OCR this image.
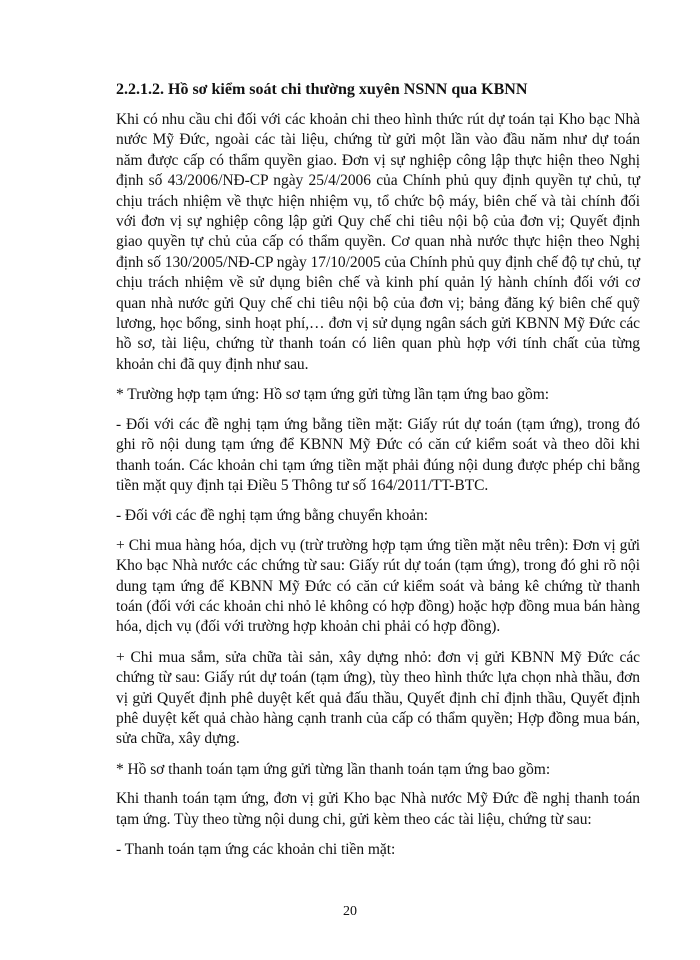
2.2.1.2. Hồ sơ kiểm soát chi thường xuyên NSNN qua KBNN
Khi có nhu cầu chi đối với các khoản chi theo hình thức rút dự toán tại Kho bạc Nhà nước Mỹ Đức, ngoài các tài liệu, chứng từ gửi một lần vào đầu năm như dự toán năm được cấp có thẩm quyền giao. Đơn vị sự nghiệp công lập thực hiện theo Nghị định số 43/2006/NĐ-CP ngày 25/4/2006 của Chính phủ quy định quyền tự chủ, tự chịu trách nhiệm về thực hiện nhiệm vụ, tổ chức bộ máy, biên chế và tài chính đối với đơn vị sự nghiệp công lập gửi Quy chế chi tiêu nội bộ của đơn vị; Quyết định giao quyền tự chủ của cấp có thẩm quyền. Cơ quan nhà nước thực hiện theo Nghị định số 130/2005/NĐ-CP ngày 17/10/2005 của Chính phủ quy định chế độ tự chủ, tự chịu trách nhiệm về sử dụng biên chế và kinh phí quản lý hành chính đối với cơ quan nhà nước gửi Quy chế chi tiêu nội bộ của đơn vị; bảng đăng ký biên chế quỹ lương, học bổng, sinh hoạt phí,… đơn vị sử dụng ngân sách gửi KBNN Mỹ Đức các hồ sơ, tài liệu, chứng từ thanh toán có liên quan phù hợp với tính chất của từng khoản chi đã quy định như sau.
* Trường hợp tạm ứng: Hồ sơ tạm ứng gửi từng lần tạm ứng bao gồm:
- Đối với các đề nghị tạm ứng bằng tiền mặt: Giấy rút dự toán (tạm ứng), trong đó ghi rõ nội dung tạm ứng để KBNN Mỹ Đức có căn cứ kiểm soát và theo dõi khi thanh toán. Các khoản chi tạm ứng tiền mặt phải đúng nội dung được phép chi bằng tiền mặt quy định tại Điều 5 Thông tư số 164/2011/TT-BTC.
- Đối với các đề nghị tạm ứng bằng chuyển khoản:
+ Chi mua hàng hóa, dịch vụ (trừ trường hợp tạm ứng tiền mặt nêu trên): Đơn vị gửi Kho bạc Nhà nước các chứng từ sau: Giấy rút dự toán (tạm ứng), trong đó ghi rõ nội dung tạm ứng để KBNN Mỹ Đức có căn cứ kiểm soát và bảng kê chứng từ thanh toán (đối với các khoản chi nhỏ lẻ không có hợp đồng) hoặc hợp đồng mua bán hàng hóa, dịch vụ (đối với trường hợp khoản chi phải có hợp đồng).
+ Chi mua sắm, sửa chữa tài sản, xây dựng nhỏ: đơn vị gửi KBNN Mỹ Đức các chứng từ sau: Giấy rút dự toán (tạm ứng), tùy theo hình thức lựa chọn nhà thầu, đơn vị gửi Quyết định phê duyệt kết quả đấu thầu, Quyết định chỉ định thầu, Quyết định phê duyệt kết quả chào hàng cạnh tranh của cấp có thẩm quyền; Hợp đồng mua bán, sửa chữa, xây dựng.
* Hồ sơ thanh toán tạm ứng gửi từng lần thanh toán tạm ứng bao gồm:
Khi thanh toán tạm ứng, đơn vị gửi Kho bạc Nhà nước Mỹ Đức đề nghị thanh toán tạm ứng. Tùy theo từng nội dung chi, gửi kèm theo các tài liệu, chứng từ sau:
- Thanh toán tạm ứng các khoản chi tiền mặt:
20
